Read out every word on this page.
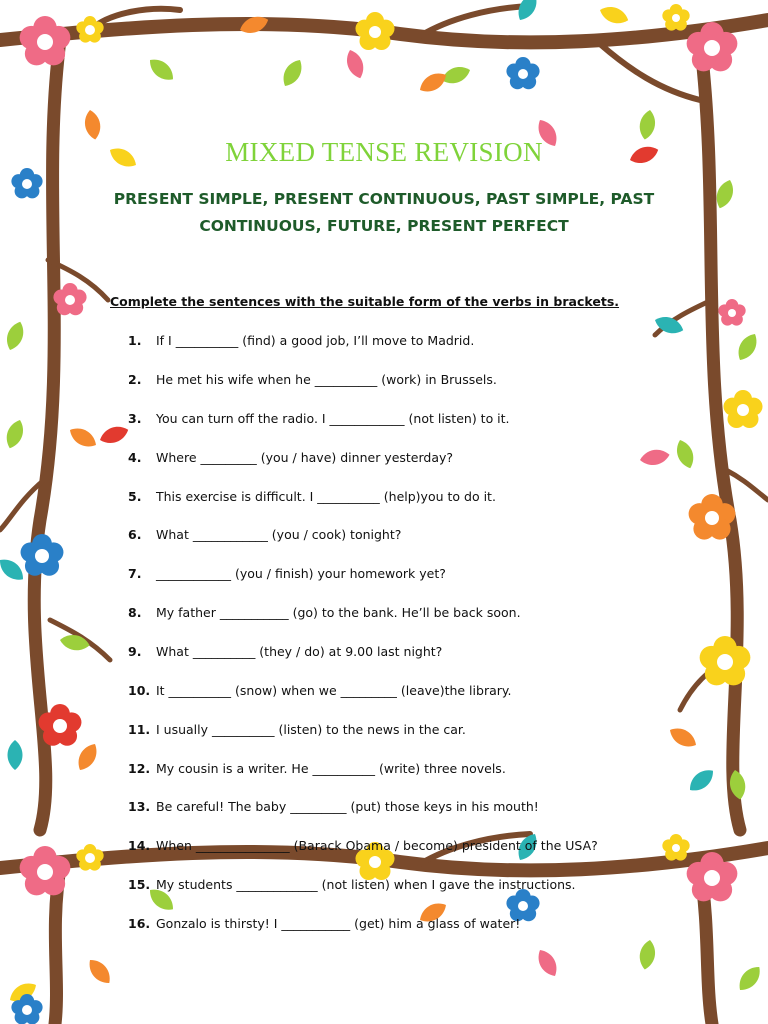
MIXED TENSE REVISION
PRESENT SIMPLE, PRESENT CONTINUOUS, PAST SIMPLE, PAST CONTINUOUS, FUTURE, PRESENT PERFECT
Complete the sentences with the suitable form of the verbs in brackets.
1. If I __________ (find) a good job, I’ll move to Madrid.
2. He met his wife when he __________ (work) in Brussels.
3. You can turn off the radio. I ____________ (not listen) to it.
4. Where _________ (you / have) dinner yesterday?
5. This exercise is difficult. I __________ (help)you to do it.
6. What ____________ (you / cook) tonight?
7. ____________ (you / finish) your homework yet?
8. My father ___________ (go) to the bank. He’ll be back soon.
9. What __________ (they / do) at 9.00 last night?
10. It __________ (snow) when we _________ (leave)the library.
11. I usually __________ (listen) to the news in the car.
12. My cousin is a writer. He __________ (write) three novels.
13. Be careful! The baby _________ (put) those keys in his mouth!
14. When _______________ (Barack Obama / become) president of the USA?
15. My students _____________ (not listen) when I gave the instructions.
16. Gonzalo is thirsty! I ___________ (get) him a glass of water!
